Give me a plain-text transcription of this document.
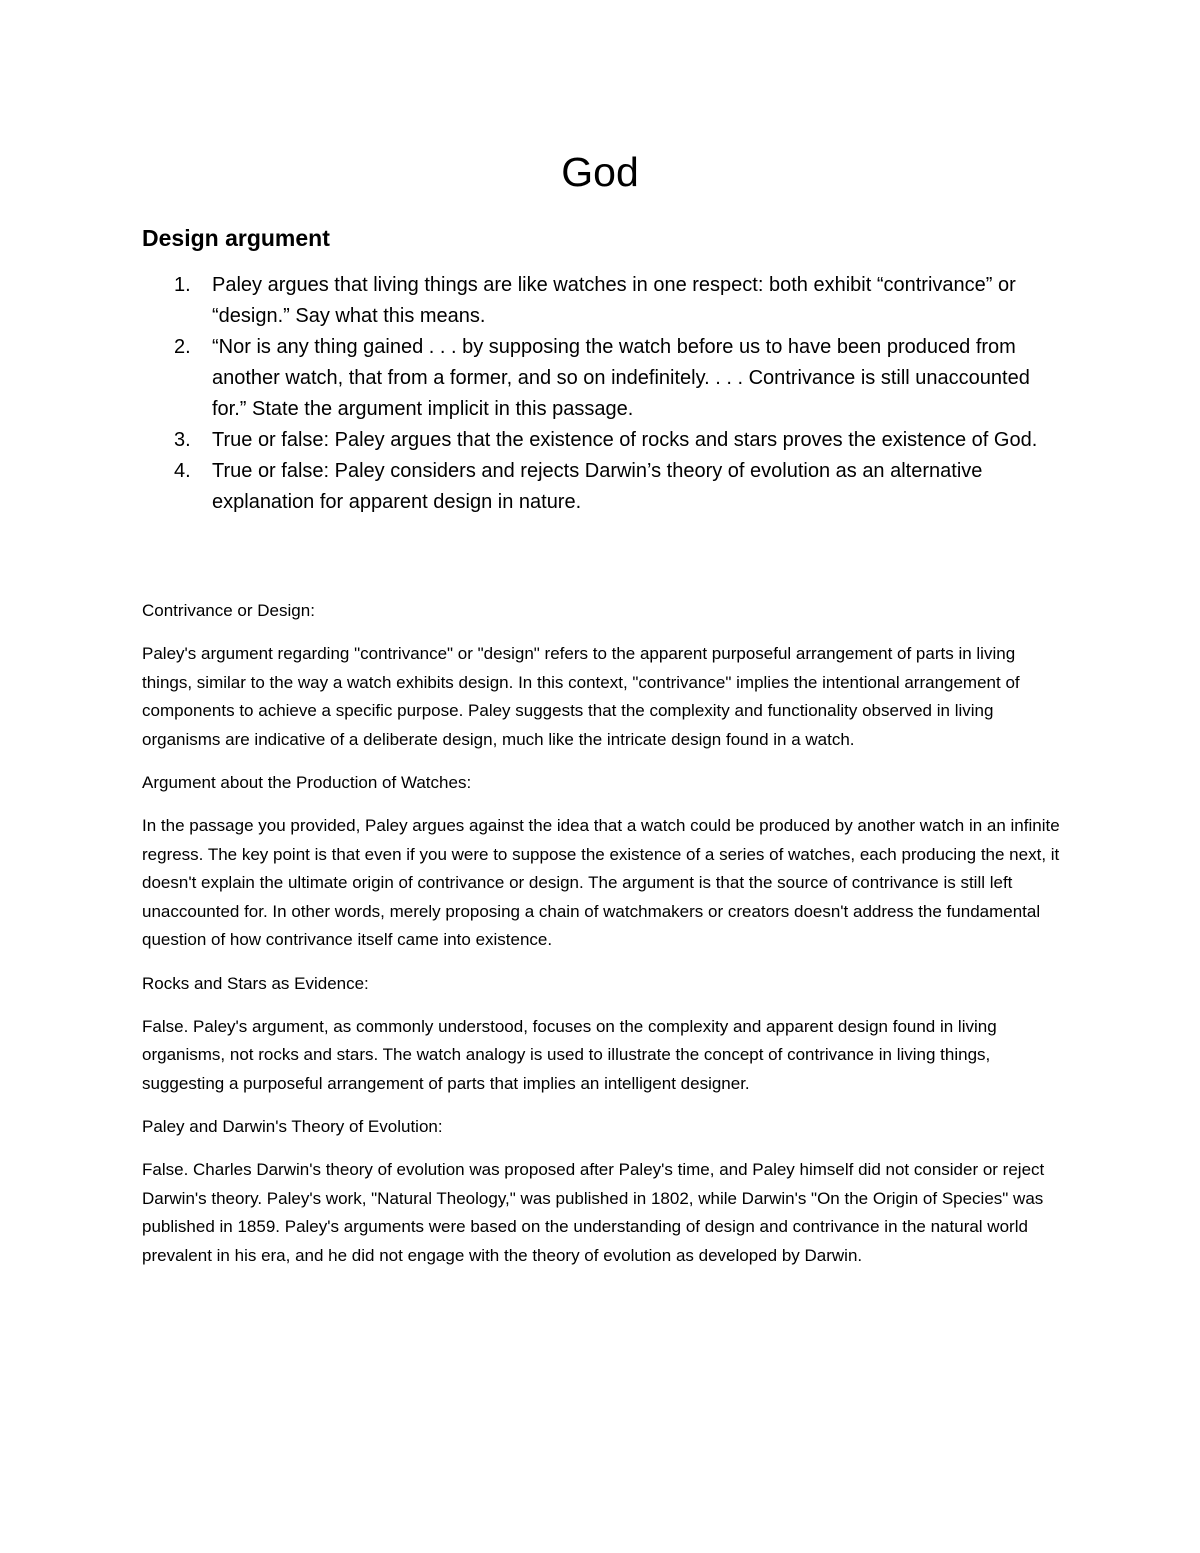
God
Design argument
1. Paley argues that living things are like watches in one respect: both exhibit “contrivance” or “design.” Say what this means.
2. “Nor is any thing gained . . . by supposing the watch before us to have been produced from another watch, that from a former, and so on indefinitely. . . . Contrivance is still unaccounted for.” State the argument implicit in this passage.
3. True or false: Paley argues that the existence of rocks and stars proves the existence of God.
4. True or false: Paley considers and rejects Darwin’s theory of evolution as an alternative explanation for apparent design in nature.

Contrivance or Design:

Paley's argument regarding "contrivance" or "design" refers to the apparent purposeful arrangement of parts in living things, similar to the way a watch exhibits design. In this context, "contrivance" implies the intentional arrangement of components to achieve a specific purpose. Paley suggests that the complexity and functionality observed in living organisms are indicative of a deliberate design, much like the intricate design found in a watch.

Argument about the Production of Watches:

In the passage you provided, Paley argues against the idea that a watch could be produced by another watch in an infinite regress. The key point is that even if you were to suppose the existence of a series of watches, each producing the next, it doesn't explain the ultimate origin of contrivance or design. The argument is that the source of contrivance is still left unaccounted for. In other words, merely proposing a chain of watchmakers or creators doesn't address the fundamental question of how contrivance itself came into existence.

Rocks and Stars as Evidence:

False. Paley's argument, as commonly understood, focuses on the complexity and apparent design found in living organisms, not rocks and stars. The watch analogy is used to illustrate the concept of contrivance in living things, suggesting a purposeful arrangement of parts that implies an intelligent designer.

Paley and Darwin's Theory of Evolution:

False. Charles Darwin's theory of evolution was proposed after Paley's time, and Paley himself did not consider or reject Darwin's theory. Paley's work, "Natural Theology," was published in 1802, while Darwin's "On the Origin of Species" was published in 1859. Paley's arguments were based on the understanding of design and contrivance in the natural world prevalent in his era, and he did not engage with the theory of evolution as developed by Darwin.
